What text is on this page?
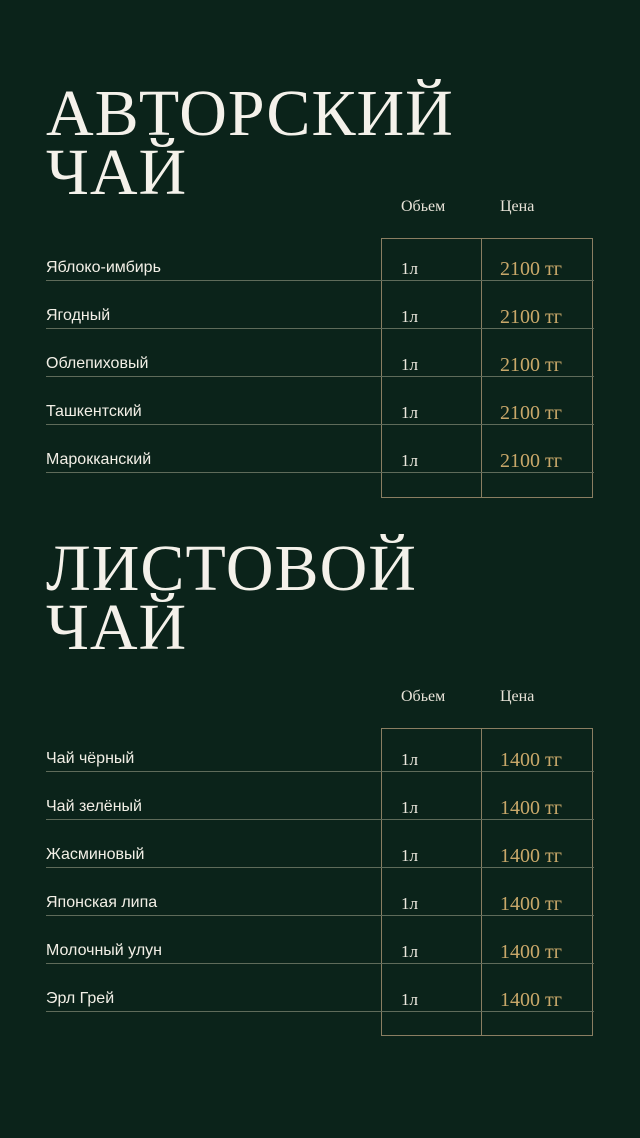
АВТОРСКИЙ
ЧАЙ	Обьем	Цена
Яблоко-имбирь	1л	2100 тг
Ягодный	1л	2100 тг
Облепиховый	1л	2100 тг
Ташкентский	1л	2100 тг
Марокканский	1л	2100 тг
ЛИСТОВОЙ
ЧАЙ
Обьем	Цена
Чай чёрный	1л	1400 тг
Чай зелёный	1л	1400 тг
Жасминовый	1л	1400 тг
Японская липа	1л	1400 тг
Молочный улун	1л	1400 тг
Эрл Грей	1л	1400 тг
